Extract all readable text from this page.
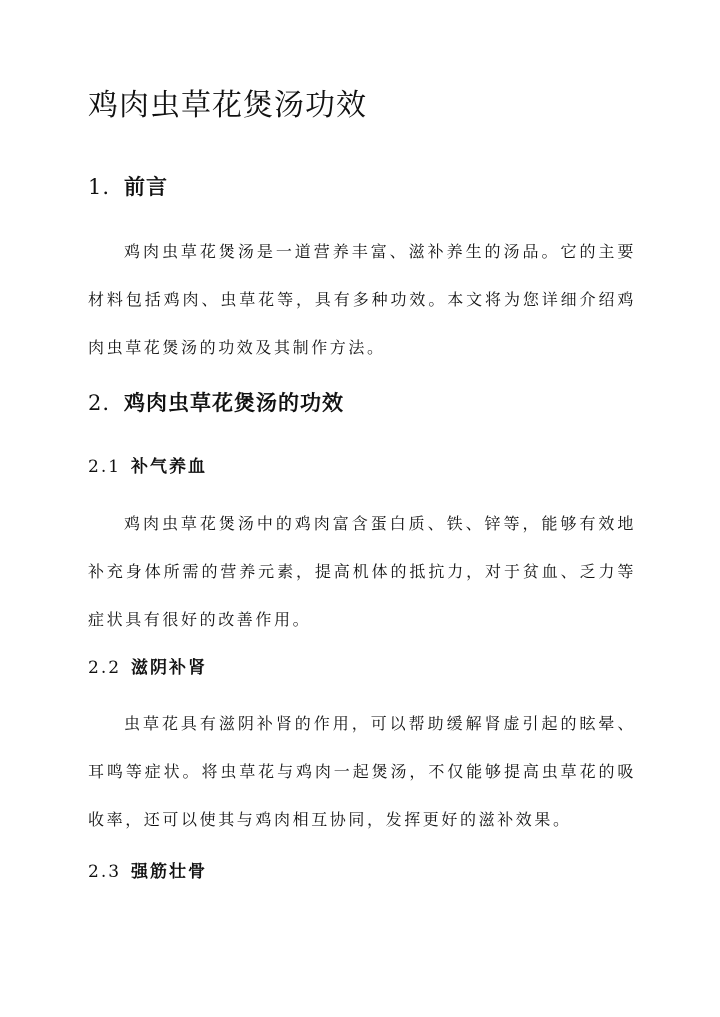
鸡肉虫草花煲汤功效
1. 前言

鸡肉虫草花煲汤是一道营养丰富、滋补养生的汤品。它的主要材料包括鸡肉、虫草花等，具有多种功效。本文将为您详细介绍鸡肉虫草花煲汤的功效及其制作方法。

2. 鸡肉虫草花煲汤的功效
2.1 补气养血

鸡肉虫草花煲汤中的鸡肉富含蛋白质、铁、锌等，能够有效地补充身体所需的营养元素，提高机体的抵抗力，对于贫血、乏力等症状具有很好的改善作用。

2.2 滋阴补肾

虫草花具有滋阴补肾的作用，可以帮助缓解肾虚引起的眩晕、耳鸣等症状。将虫草花与鸡肉一起煲汤，不仅能够提高虫草花的吸收率，还可以使其与鸡肉相互协同，发挥更好的滋补效果。

2.3 强筋壮骨
